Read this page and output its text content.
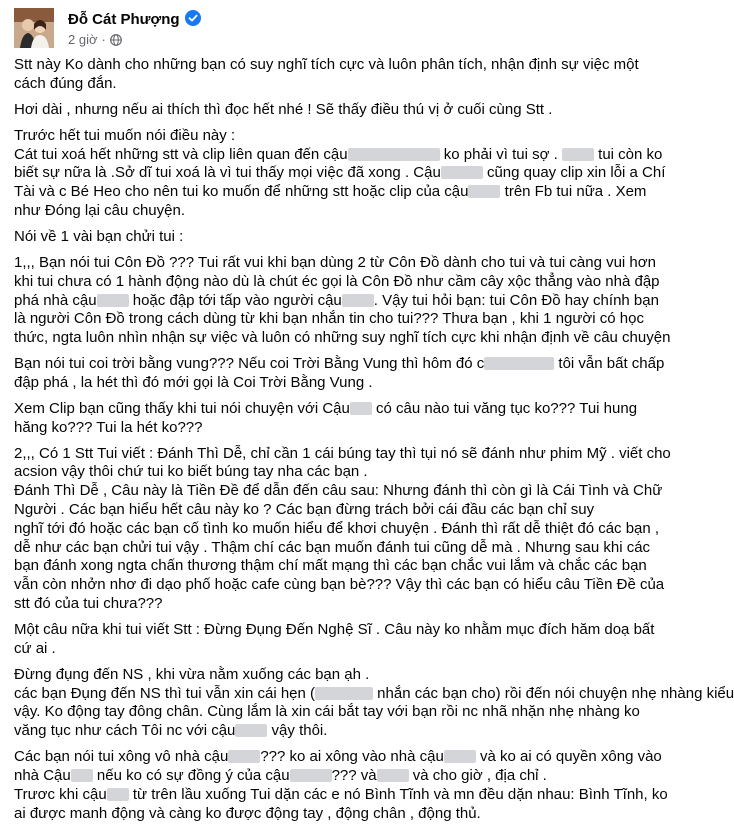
Đỗ Cát Phượng
2 giờ ·
Stt này Ko dành cho những bạn có suy nghĩ tích cực và luôn phân tích, nhận định sự việc một
cách đúng đắn.
Hơi dài , nhưng nếu ai thích thì đọc hết nhé ! Sẽ thấy điều thú vị ở cuối cùng Stt .
Trước hết tui muốn nói điều này :
Cát tui xoá hết những stt và clip liên quan đến cậu	ko phải vì tui sợ .  tui còn ko
biết sự nữa là .Sở dĩ tui xoá là vì tui thấy mọi việc đã xong . Cậu	cũng quay clip xin lỗi a Chí
Tài và c Bé Heo cho nên tui ko muốn để những stt hoặc clip của cậu trên Fb tui nữa . Xem
như Đóng lại câu chuyện.
Nói về 1 vài bạn chửi tui :
1,,, Bạn nói tui Côn Đồ ??? Tui rất vui khi bạn dùng 2 từ Côn Đồ dành cho tui và tui càng vui hơn
khi tui chưa có 1 hành động nào dù là chút éc gọi là Côn Đồ như cầm cây xộc thẳng vào nhà đập
phá nhà cậu hoặc đập tới tấp vào người cậu . Vậy tui hỏi bạn: tui Côn Đồ hay chính bạn
là người Côn Đồ trong cách dùng từ khi bạn nhắn tin cho tui??? Thưa bạn , khi 1 người có học
thức, ngta luôn nhìn nhận sự việc và luôn có những suy nghĩ tích cực khi nhận định về câu chuyện
Bạn nói tui coi trời bằng vung??? Nếu coi Trời Bằng Vung thì hôm đó c	tôi vẫn bất chấp
đập phá , la hét thì đó mới gọi là Coi Trời Bằng Vung .
Xem Clip bạn cũng thấy khi tui nói chuyện với Cậu có câu nào tui văng tục ko??? Tui hung
hăng ko??? Tui la hét ko???
2,,, Có 1 Stt Tui viết : Đánh Thì Dễ, chỉ cần 1 cái búng tay thì tụi nó sẽ đánh như phim Mỹ . viết cho
acsion vậy thôi chứ tui ko biết búng tay nha các bạn .
Đánh Thì Dễ , Câu này là Tiền Đề để dẫn đến câu sau: Nhưng đánh thì còn gì là Cái Tình và Chữ
Người . Các bạn hiểu hết câu này ko ? Các bạn đừng trách bởi cái đầu các bạn chỉ suy
nghĩ tới đó hoặc các bạn cố tình ko muốn hiểu để khơi chuyện . Đánh thì rất dễ thiệt đó các bạn ,
dễ như các bạn chửi tui vậy . Thậm chí các bạn muốn đánh tui cũng dễ mà . Nhưng sau khi các
bạn đánh xong ngta chấn thương thậm chí mất mạng thì các bạn chắc vui lắm và chắc các bạn
vẫn còn nhởn nhơ đi dạo phố hoặc cafe cùng bạn bè??? Vậy thì các bạn có hiểu câu Tiền Đề của
stt đó của tui chưa???
Một câu nữa khi tui viết Stt : Đừng Đụng Đến Nghệ Sĩ . Câu này ko nhằm mục đích hăm doạ bất
cứ ai .
Đừng đụng đến NS , khi vừa nằm xuống các bạn ạh .
các bạn Đụng đến NS thì tui vẫn xin cái hẹn (	nhắn các bạn cho) rồi đến nói chuyện nhẹ nhàng kiểu
vậy. Ko động tay đông chân. Cùng lắm là xin cái bắt tay với bạn rồi nc nhã nhặn nhẹ nhàng ko
văng tục như cách Tôi nc với cậu vậy thôi.
Các bạn nói tui xông vô nhà cậu ??? ko ai xông vào nhà cậu và ko ai có quyền xông vào
nhà Cậu nếu ko có sự đồng ý của cậu	??? và và cho giờ , địa chỉ .
Trươc khi cậu từ trên lầu xuống Tui dặn các e nó Bình Tĩnh và mn đều dặn nhau: Bình Tĩnh, ko
ai được manh động và càng ko được động tay , động chân , động thủ.
